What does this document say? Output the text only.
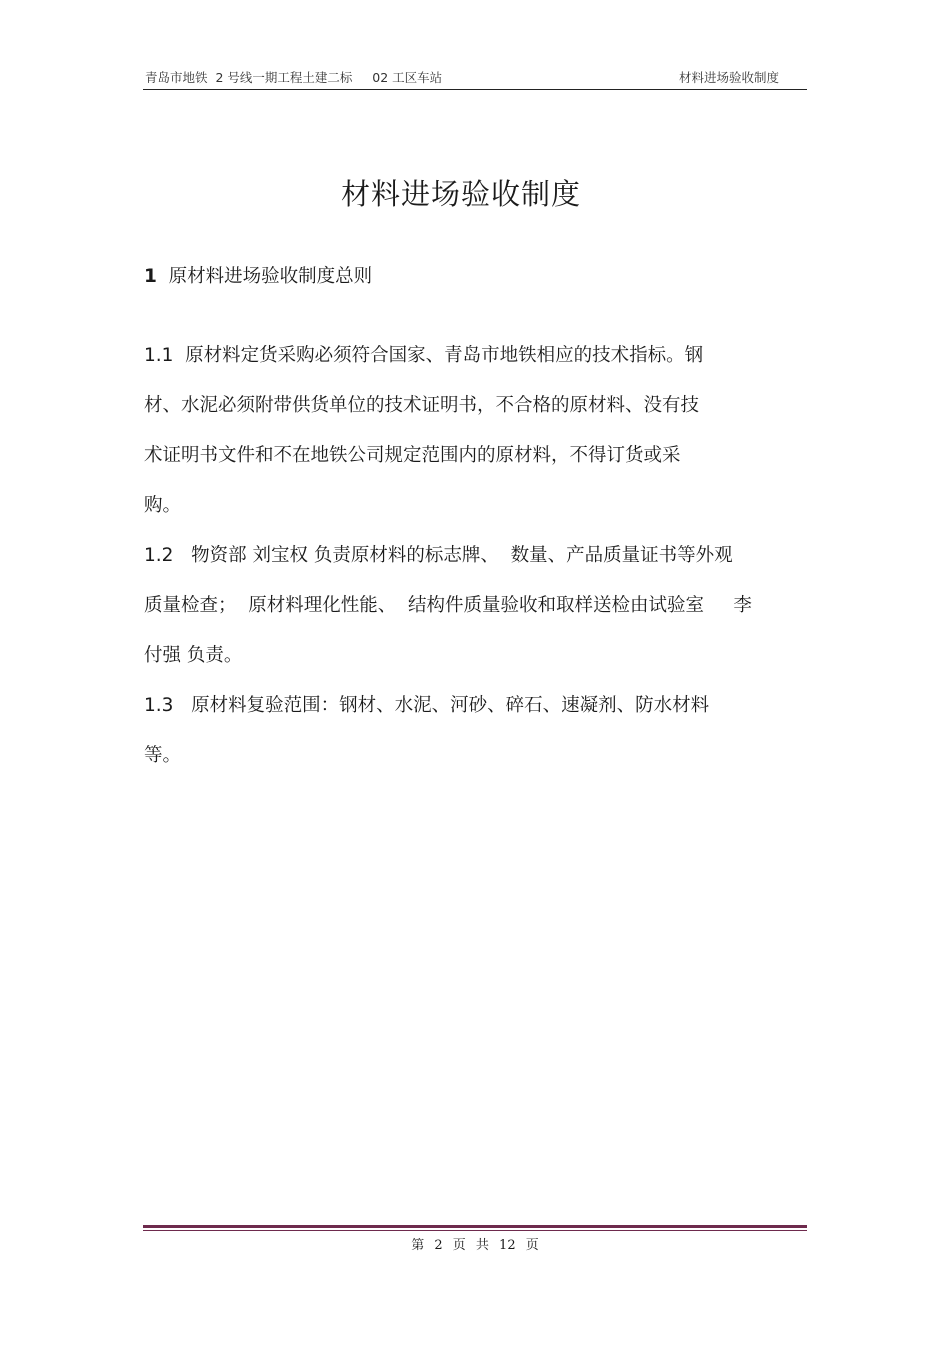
青岛市地铁  2 号线一期工程土建二标     02 工区车站	材料进场验收制度
材料进场验收制度
1 原材料进场验收制度总则
1.1  原材料定货采购必须符合国家、青岛市地铁相应的技术指标。钢
材、水泥必须附带供货单位的技术证明书，不合格的原材料、没有技
术证明书文件和不在地铁公司规定范围内的原材料，不得订货或采
购。
1.2   物资部 刘宝权 负责原材料的标志牌、  数量、产品质量证书等外观
质量检查；  原材料理化性能、  结构件质量验收和取样送检由试验室     李
付强 负责。
1.3   原材料复验范围：钢材、水泥、河砂、碎石、速凝剂、防水材料
等。
第 2 页 共 12 页
